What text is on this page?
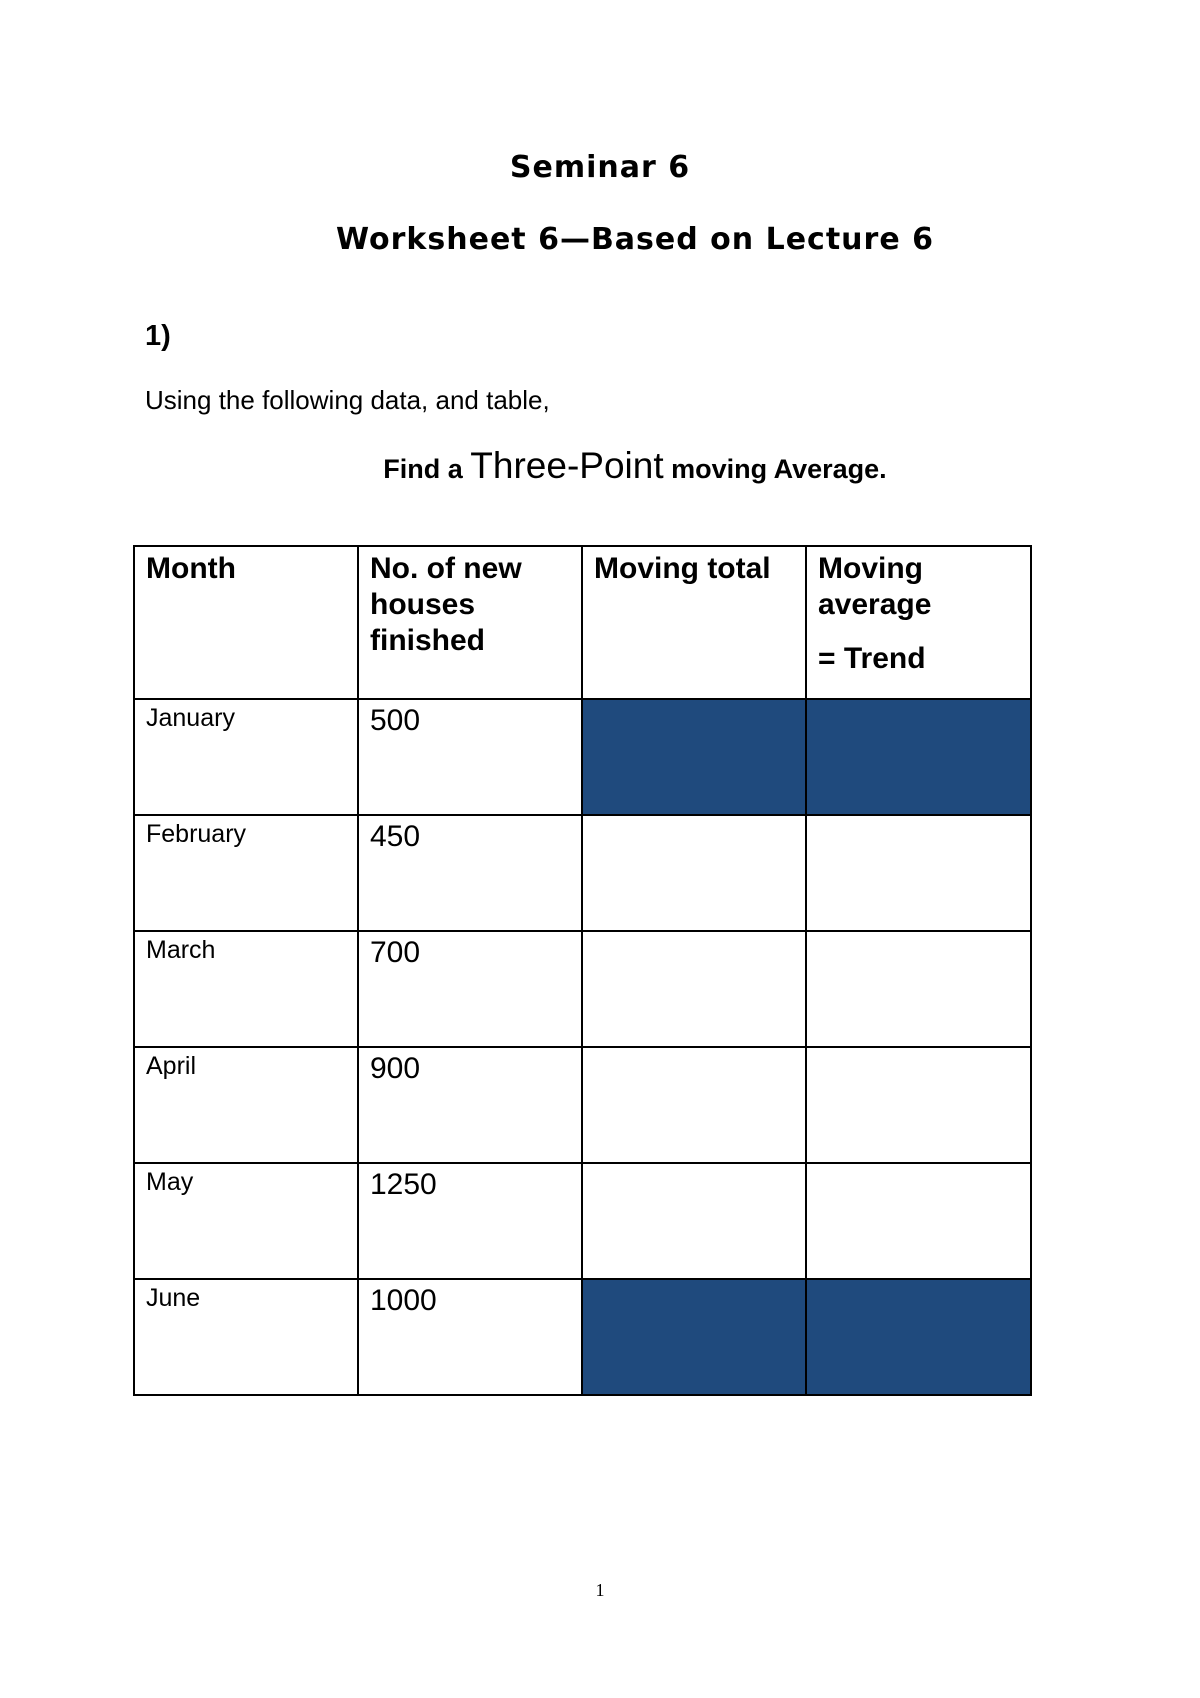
Seminar 6
Worksheet 6—Based on Lecture 6
1)
Using the following data, and table,
Find a Three-Point moving Average.
Month	No. of new houses finished	Moving total	Moving average
= Trend

January	500		
February	450		
March	700		
April	900		
May	1250		
June	1000		
1
